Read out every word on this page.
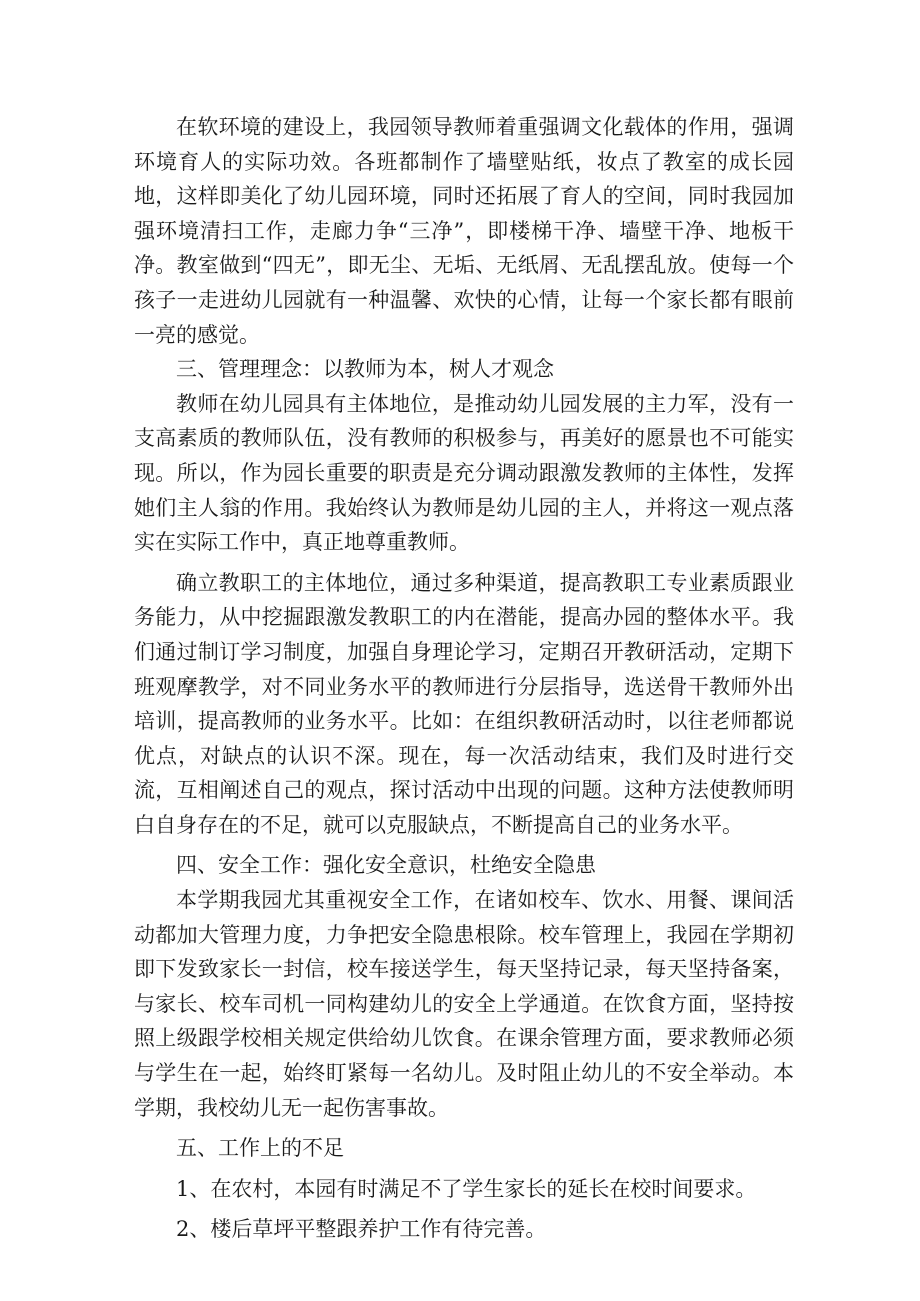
在软环境的建设上，我园领导教师着重强调文化载体的作用，强调环境育人的实际功效。各班都制作了墙壁贴纸，妆点了教室的成长园地，这样即美化了幼儿园环境，同时还拓展了育人的空间，同时我园加强环境清扫工作，走廊力争“三净”，即楼梯干净、墙壁干净、地板干净。教室做到“四无”，即无尘、无垢、无纸屑、无乱摆乱放。使每一个孩子一走进幼儿园就有一种温馨、欢快的心情，让每一个家长都有眼前一亮的感觉。

三、管理理念：以教师为本，树人才观念

教师在幼儿园具有主体地位，是推动幼儿园发展的主力军，没有一支高素质的教师队伍，没有教师的积极参与，再美好的愿景也不可能实现。所以，作为园长重要的职责是充分调动跟激发教师的主体性，发挥她们主人翁的作用。我始终认为教师是幼儿园的主人，并将这一观点落实在实际工作中，真正地尊重教师。

确立教职工的主体地位，通过多种渠道，提高教职工专业素质跟业务能力，从中挖掘跟激发教职工的内在潜能，提高办园的整体水平。我们通过制订学习制度，加强自身理论学习，定期召开教研活动，定期下班观摩教学，对不同业务水平的教师进行分层指导，选送骨干教师外出培训，提高教师的业务水平。比如：在组织教研活动时，以往老师都说优点，对缺点的认识不深。现在，每一次活动结束，我们及时进行交流，互相阐述自己的观点，探讨活动中出现的问题。这种方法使教师明白自身存在的不足，就可以克服缺点，不断提高自己的业务水平。

四、安全工作：强化安全意识，杜绝安全隐患

本学期我园尤其重视安全工作，在诸如校车、饮水、用餐、课间活动都加大管理力度，力争把安全隐患根除。校车管理上，我园在学期初即下发致家长一封信，校车接送学生，每天坚持记录，每天坚持备案，与家长、校车司机一同构建幼儿的安全上学通道。在饮食方面，坚持按照上级跟学校相关规定供给幼儿饮食。在课余管理方面，要求教师必须与学生在一起，始终盯紧每一名幼儿。及时阻止幼儿的不安全举动。本学期，我校幼儿无一起伤害事故。

五、工作上的不足

1、在农村，本园有时满足不了学生家长的延长在校时间要求。

2、楼后草坪平整跟养护工作有待完善。
